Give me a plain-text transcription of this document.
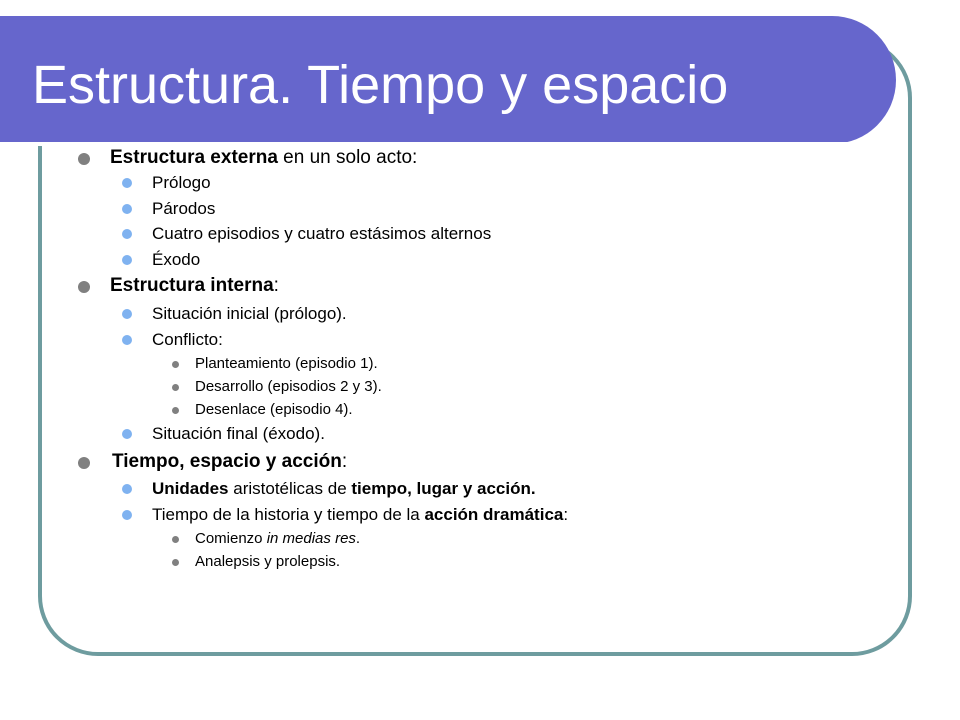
Estructura. Tiempo y espacio
Estructura externa en un solo acto:
Prólogo
Párodos
Cuatro episodios y cuatro estásimos alternos
Éxodo
Estructura interna:
Situación inicial (prólogo).
Conflicto:
Planteamiento (episodio 1).
Desarrollo (episodios 2 y 3).
Desenlace (episodio 4).
Situación final (éxodo).
Tiempo, espacio y acción:
Unidades aristotélicas de tiempo, lugar y acción.
Tiempo de la historia y tiempo de la acción dramática:
Comienzo in medias res.
Analepsis y prolepsis.
